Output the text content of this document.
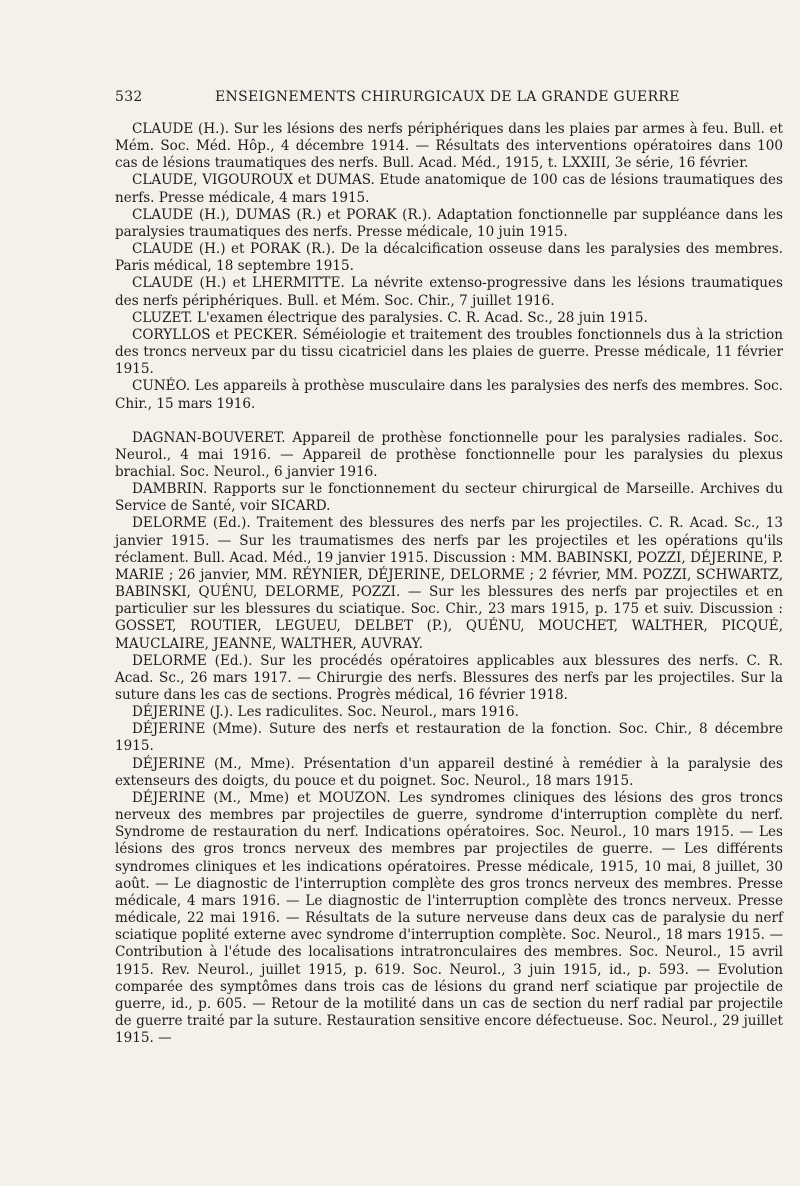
532	ENSEIGNEMENTS CHIRURGICAUX DE LA GRANDE GUERRE

CLAUDE (H.). Sur les lésions des nerfs périphériques dans les plaies par armes à feu. Bull. et Mém. Soc. Méd. Hôp., 4 décembre 1914. — Résultats des interventions opératoires dans 100 cas de lésions traumatiques des nerfs. Bull. Acad. Méd., 1915, t. LXXIII, 3e série, 16 février.

CLAUDE, VIGOUROUX et DUMAS. Etude anatomique de 100 cas de lésions traumatiques des nerfs. Presse médicale, 4 mars 1915.

CLAUDE (H.), DUMAS (R.) et PORAK (R.). Adaptation fonctionnelle par suppléance dans les paralysies traumatiques des nerfs. Presse médicale, 10 juin 1915.

CLAUDE (H.) et PORAK (R.). De la décalcification osseuse dans les paralysies des membres. Paris médical, 18 septembre 1915.

CLAUDE (H.) et LHERMITTE. La névrite extenso-progressive dans les lésions traumatiques des nerfs périphériques. Bull. et Mém. Soc. Chir., 7 juillet 1916.

CLUZET. L'examen électrique des paralysies. C. R. Acad. Sc., 28 juin 1915.

CORYLLOS et PECKER. Séméiologie et traitement des troubles fonctionnels dus à la striction des troncs nerveux par du tissu cicatriciel dans les plaies de guerre. Presse médicale, 11 février 1915.

CUNÉO. Les appareils à prothèse musculaire dans les paralysies des nerfs des membres. Soc. Chir., 15 mars 1916.

DAGNAN-BOUVERET. Appareil de prothèse fonctionnelle pour les paralysies radiales. Soc. Neurol., 4 mai 1916. — Appareil de prothèse fonctionnelle pour les paralysies du plexus brachial. Soc. Neurol., 6 janvier 1916.

DAMBRIN. Rapports sur le fonctionnement du secteur chirurgical de Marseille. Archives du Service de Santé, voir SICARD.

DELORME (Ed.). Traitement des blessures des nerfs par les projectiles. C. R. Acad. Sc., 13 janvier 1915. — Sur les traumatismes des nerfs par les projectiles et les opérations qu'ils réclament. Bull. Acad. Méd., 19 janvier 1915. Discussion : MM. BABINSKI, POZZI, DÉJERINE, P. MARIE ; 26 janvier, MM. RÉYNIER, DÉJERINE, DELORME ; 2 février, MM. POZZI, SCHWARTZ, BABINSKI, QUÉNU, DELORME, POZZI. — Sur les blessures des nerfs par projectiles et en particulier sur les blessures du sciatique. Soc. Chir., 23 mars 1915, p. 175 et suiv. Discussion : GOSSET, ROUTIER, LEGUEU, DELBET (P.), QUÉNU, MOUCHET, WALTHER, PICQUÉ, MAUCLAIRE, JEANNE, WALTHER, AUVRAY.

DELORME (Ed.). Sur les procédés opératoires applicables aux blessures des nerfs. C. R. Acad. Sc., 26 mars 1917. — Chirurgie des nerfs. Blessures des nerfs par les projectiles. Sur la suture dans les cas de sections. Progrès médical, 16 février 1918.

DÉJERINE (J.). Les radiculites. Soc. Neurol., mars 1916.

DÉJERINE (Mme). Suture des nerfs et restauration de la fonction. Soc. Chir., 8 décembre 1915.

DÉJERINE (M., Mme). Présentation d'un appareil destiné à remédier à la paralysie des extenseurs des doigts, du pouce et du poignet. Soc. Neurol., 18 mars 1915.

DÉJERINE (M., Mme) et MOUZON. Les syndromes cliniques des lésions des gros troncs nerveux des membres par projectiles de guerre, syndrome d'interruption complète du nerf. Syndrome de restauration du nerf. Indications opératoires. Soc. Neurol., 10 mars 1915. — Les lésions des gros troncs nerveux des membres par projectiles de guerre. — Les différents syndromes cliniques et les indications opératoires. Presse médicale, 1915, 10 mai, 8 juillet, 30 août. — Le diagnostic de l'interruption complète des gros troncs nerveux des membres. Presse médicale, 4 mars 1916. — Le diagnostic de l'interruption complète des troncs nerveux. Presse médicale, 22 mai 1916. — Résultats de la suture nerveuse dans deux cas de paralysie du nerf sciatique poplité externe avec syndrome d'interruption complète. Soc. Neurol., 18 mars 1915. — Contribution à l'étude des localisations intratronculaires des membres. Soc. Neurol., 15 avril 1915. Rev. Neurol., juillet 1915, p. 619. Soc. Neurol., 3 juin 1915, id., p. 593. — Evolution comparée des symptômes dans trois cas de lésions du grand nerf sciatique par projectile de guerre, id., p. 605. — Retour de la motilité dans un cas de section du nerf radial par projectile de guerre traité par la suture. Restauration sensitive encore défectueuse. Soc. Neurol., 29 juillet 1915. —
